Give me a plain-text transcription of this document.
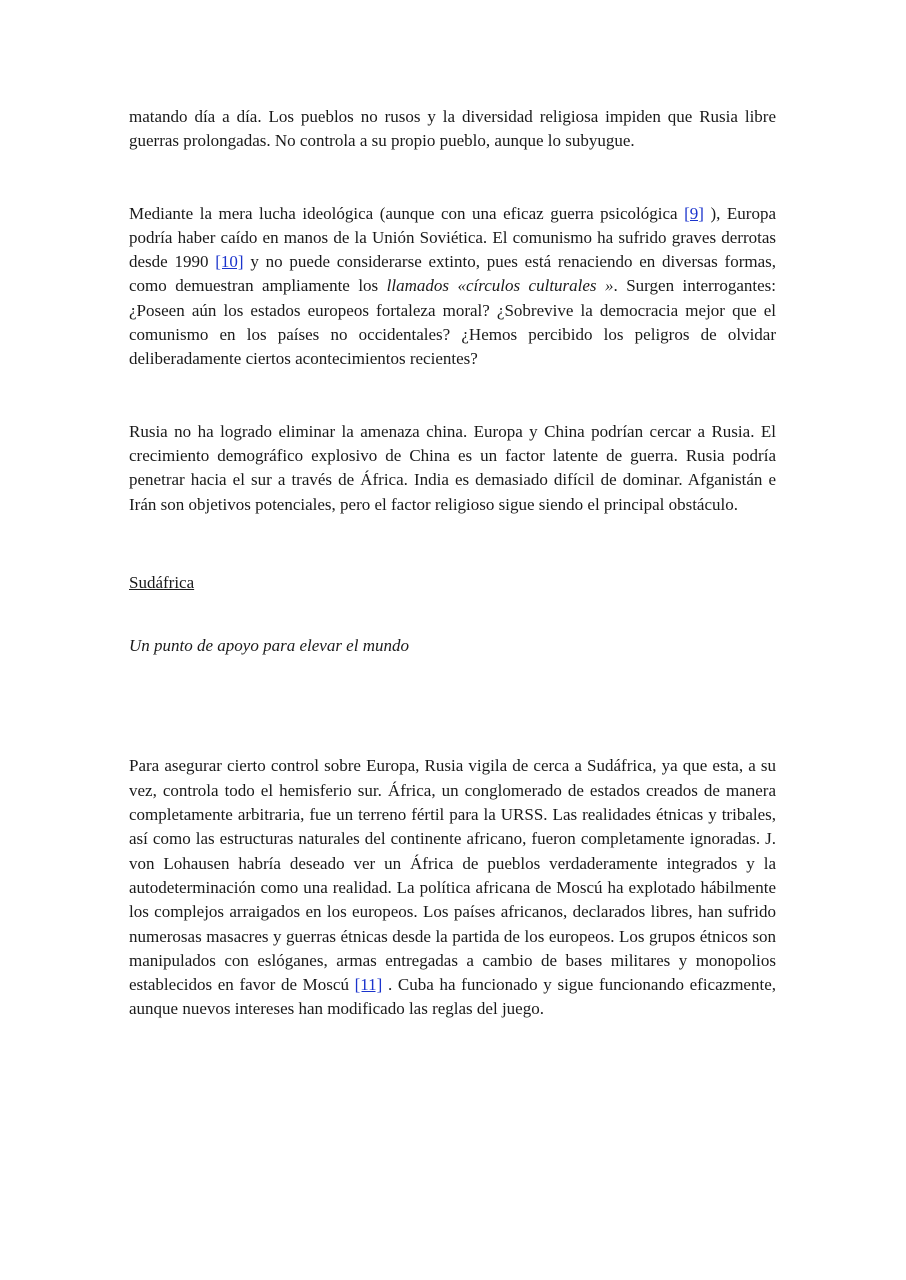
matando día a día. Los pueblos no rusos y la diversidad religiosa impiden que Rusia libre guerras prolongadas. No controla a su propio pueblo, aunque lo subyugue.

Mediante la mera lucha ideológica (aunque con una eficaz guerra psicológica [9] ), Europa podría haber caído en manos de la Unión Soviética. El comunismo ha sufrido graves derrotas desde 1990 [10] y no puede considerarse extinto, pues está renaciendo en diversas formas, como demuestran ampliamente los llamados «círculos culturales ». Surgen interrogantes: ¿Poseen aún los estados europeos fortaleza moral? ¿Sobrevive la democracia mejor que el comunismo en los países no occidentales? ¿Hemos percibido los peligros de olvidar deliberadamente ciertos acontecimientos recientes?

Rusia no ha logrado eliminar la amenaza china. Europa y China podrían cercar a Rusia. El crecimiento demográfico explosivo de China es un factor latente de guerra. Rusia podría penetrar hacia el sur a través de África. India es demasiado difícil de dominar. Afganistán e Irán son objetivos potenciales, pero el factor religioso sigue siendo el principal obstáculo.

Sudáfrica

Un punto de apoyo para elevar el mundo

Para asegurar cierto control sobre Europa, Rusia vigila de cerca a Sudáfrica, ya que esta, a su vez, controla todo el hemisferio sur. África, un conglomerado de estados creados de manera completamente arbitraria, fue un terreno fértil para la URSS. Las realidades étnicas y tribales, así como las estructuras naturales del continente africano, fueron completamente ignoradas. J. von Lohausen habría deseado ver un África de pueblos verdaderamente integrados y la autodeterminación como una realidad. La política africana de Moscú ha explotado hábilmente los complejos arraigados en los europeos. Los países africanos, declarados libres, han sufrido numerosas masacres y guerras étnicas desde la partida de los europeos. Los grupos étnicos son manipulados con eslóganes, armas entregadas a cambio de bases militares y monopolios establecidos en favor de Moscú [11] . Cuba ha funcionado y sigue funcionando eficazmente, aunque nuevos intereses han modificado las reglas del juego.
